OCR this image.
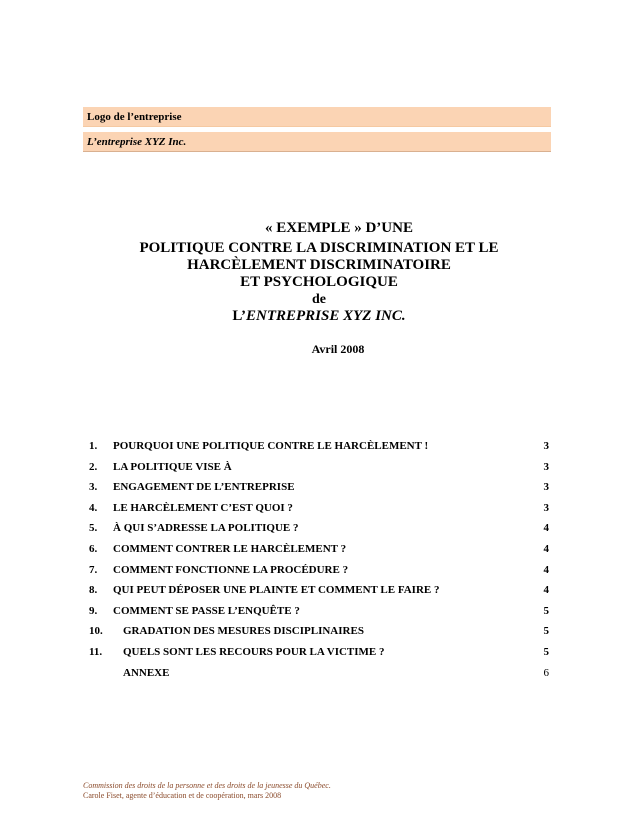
Logo de l’entreprise
L’entreprise XYZ Inc.
« EXEMPLE » D’UNE
POLITIQUE CONTRE LA DISCRIMINATION ET LE
HARCÈLEMENT DISCRIMINATOIRE
ET PSYCHOLOGIQUE
de
L’ENTREPRISE XYZ INC.
Avril 2008
1. POURQUOI UNE POLITIQUE CONTRE LE HARCÈLEMENT !	3
2. LA POLITIQUE VISE À	3
3. ENGAGEMENT DE L’ENTREPRISE	3
4. LE HARCÈLEMENT C’EST QUOI ?	3
5. À QUI S’ADRESSE LA POLITIQUE ?	4
6. COMMENT CONTRER LE HARCÈLEMENT ?	4
7. COMMENT FONCTIONNE LA PROCÉDURE ?	4
8. QUI PEUT DÉPOSER UNE PLAINTE ET COMMENT LE FAIRE ?	4
9. COMMENT SE PASSE L’ENQUÊTE ?	5
10. GRADATION DES MESURES DISCIPLINAIRES	5
11. QUELS SONT LES RECOURS POUR LA VICTIME ?	5
ANNEXE	6
Commission des droits de la personne et des droits de la jeunesse du Québec.
Carole Fiset, agente d’éducation et de coopération, mars 2008
